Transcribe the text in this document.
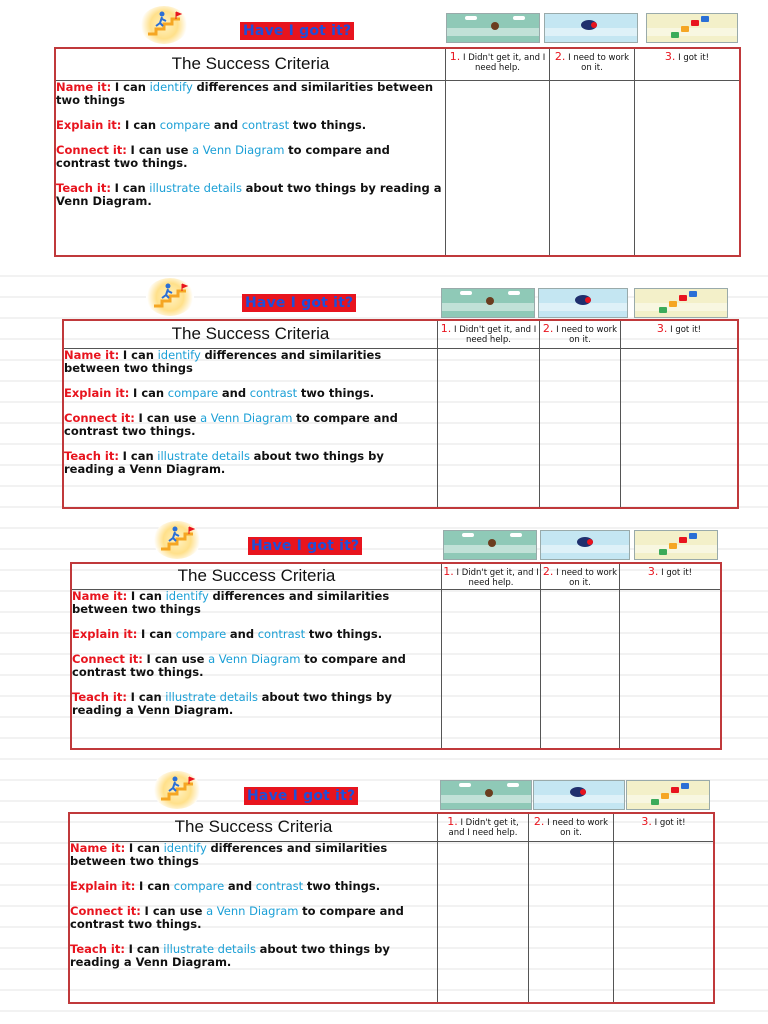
Have I got it?
The Success Criteria	1. I Didn't get it, and I need help.	2. I need to work on it.	3. I got it!

Name it: I can identify differences and similarities between two things

Explain it: I can compare and contrast two things.

Connect it: I can use a Venn Diagram to compare and contrast two things.

Teach it: I can illustrate details about two things by reading a Venn Diagram.			

Have I got it?
The Success Criteria	1. I Didn't get it, and I need help.	2. I need to work on it.	3. I got it!

Name it: I can identify differences and similarities between two things

Explain it: I can compare and contrast two things.

Connect it: I can use a Venn Diagram to compare and contrast two things.

Teach it: I can illustrate details about two things by reading a Venn Diagram.			

Have I got it?
The Success Criteria	1. I Didn't get it, and I need help.	2. I need to work on it.	3. I got it!

Name it: I can identify differences and similarities between two things

Explain it: I can compare and contrast two things.

Connect it: I can use a Venn Diagram to compare and contrast two things.

Teach it: I can illustrate details about two things by reading a Venn Diagram.			

Have I got it?
The Success Criteria	1. I Didn't get it, and I need help.	2. I need to work on it.	3. I got it!

Name it: I can identify differences and similarities between two things

Explain it: I can compare and contrast two things.

Connect it: I can use a Venn Diagram to compare and contrast two things.

Teach it: I can illustrate details about two things by reading a Venn Diagram.			
